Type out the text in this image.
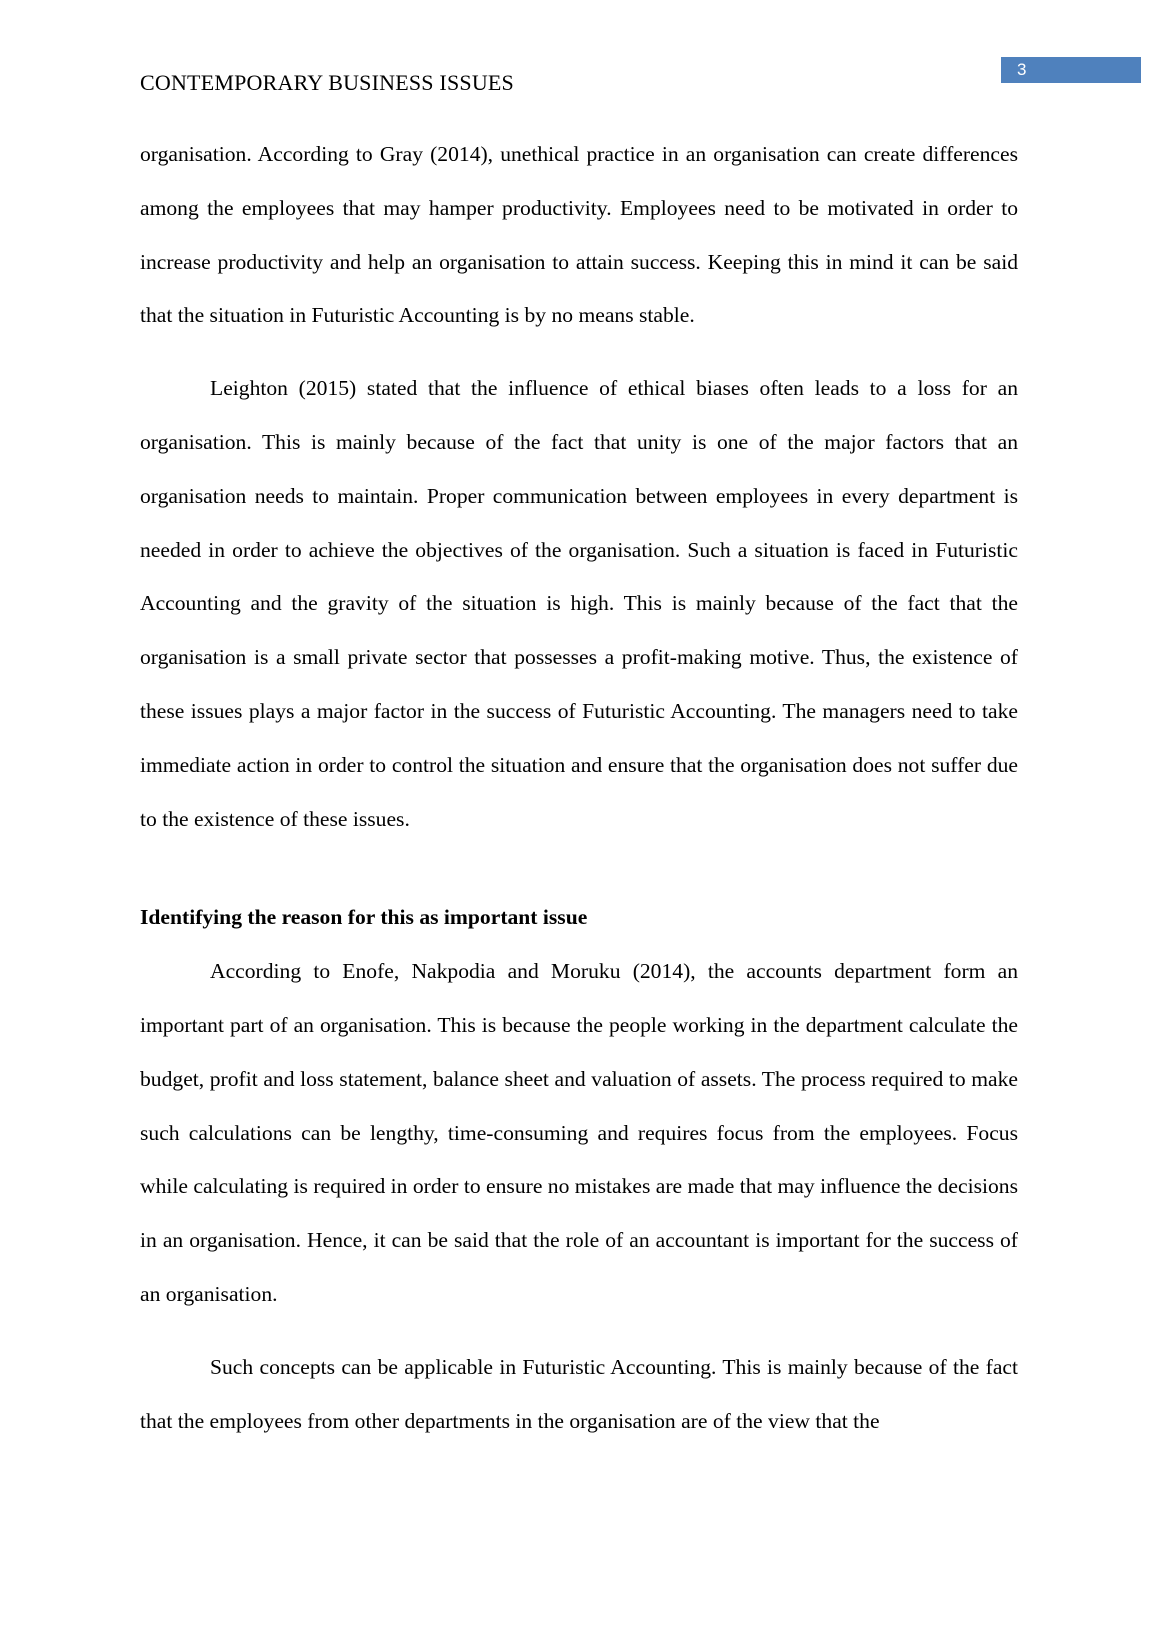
3
CONTEMPORARY BUSINESS ISSUES

organisation. According to Gray (2014), unethical practice in an organisation can create differences among the employees that may hamper productivity. Employees need to be motivated in order to increase productivity and help an organisation to attain success. Keeping this in mind it can be said that the situation in Futuristic Accounting is by no means stable.

Leighton (2015) stated that the influence of ethical biases often leads to a loss for an organisation. This is mainly because of the fact that unity is one of the major factors that an organisation needs to maintain. Proper communication between employees in every department is needed in order to achieve the objectives of the organisation. Such a situation is faced in Futuristic Accounting and the gravity of the situation is high. This is mainly because of the fact that the organisation is a small private sector that possesses a profit-making motive. Thus, the existence of these issues plays a major factor in the success of Futuristic Accounting. The managers need to take immediate action in order to control the situation and ensure that the organisation does not suffer due to the existence of these issues.

Identifying the reason for this as important issue

According to Enofe, Nakpodia and Moruku (2014), the accounts department form an important part of an organisation. This is because the people working in the department calculate the budget, profit and loss statement, balance sheet and valuation of assets. The process required to make such calculations can be lengthy, time-consuming and requires focus from the employees. Focus while calculating is required in order to ensure no mistakes are made that may influence the decisions in an organisation. Hence, it can be said that the role of an accountant is important for the success of an organisation.

Such concepts can be applicable in Futuristic Accounting. This is mainly because of the fact that the employees from other departments in the organisation are of the view that the
